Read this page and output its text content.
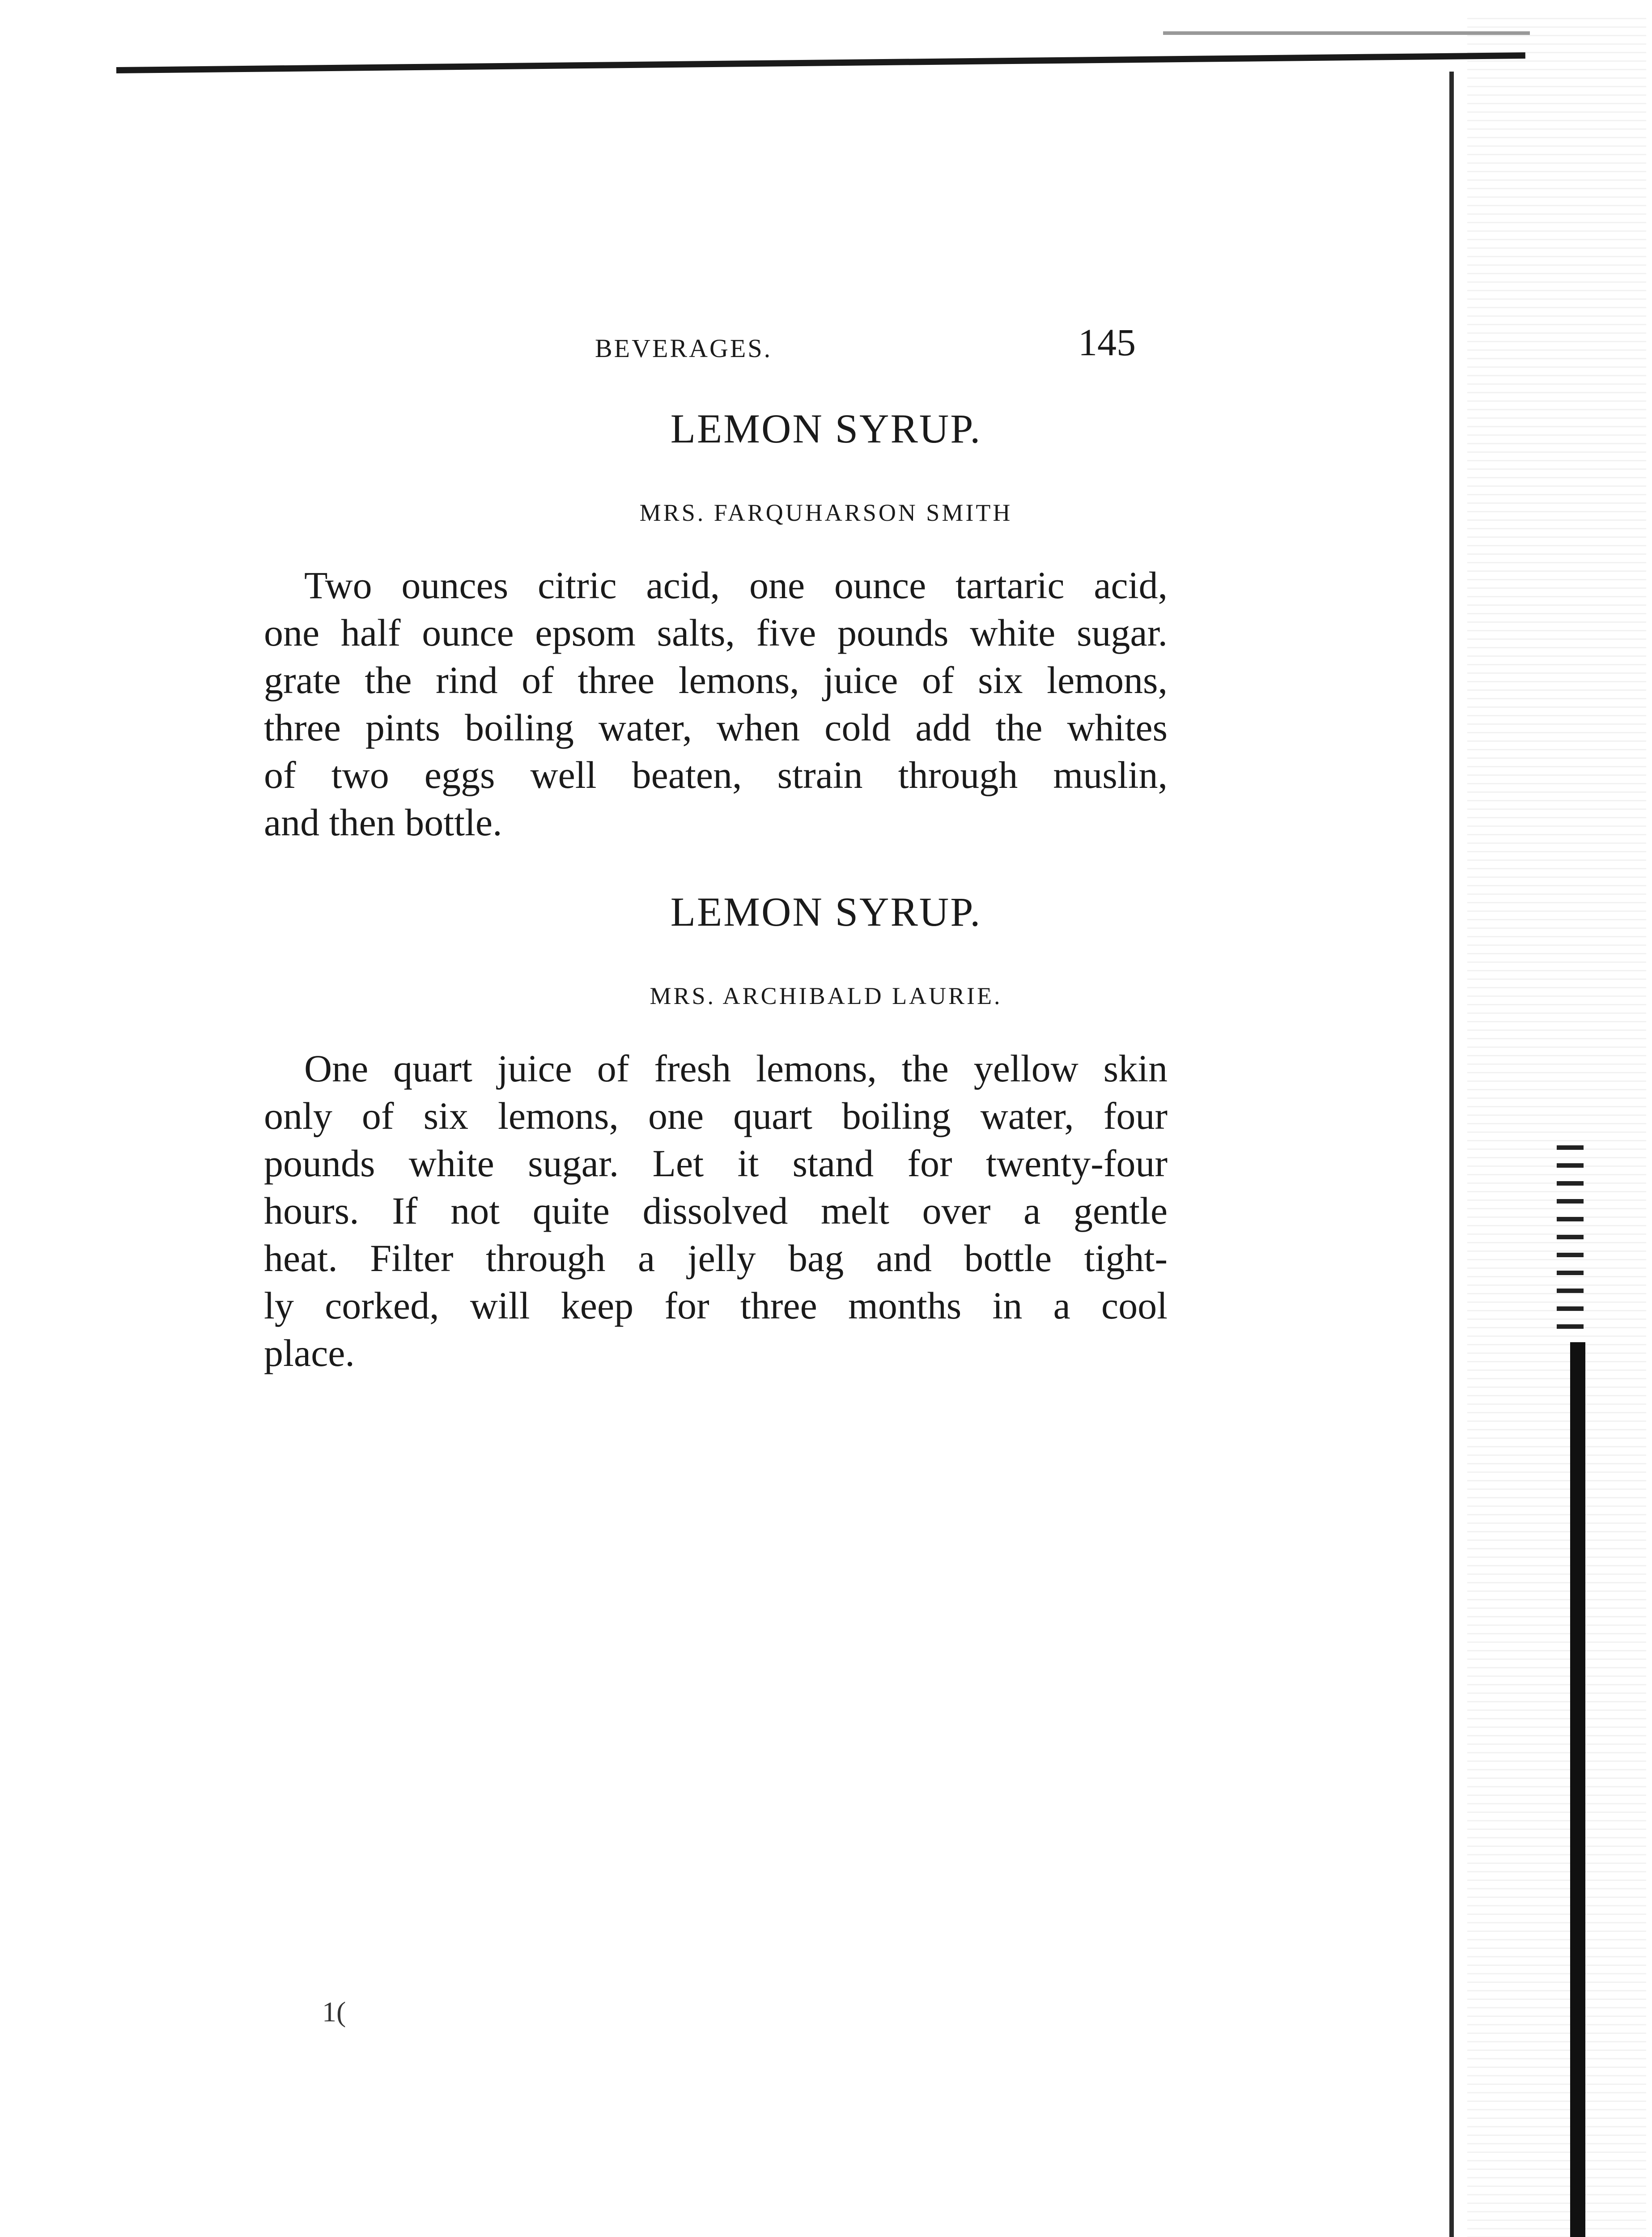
BEVERAGES.	145
LEMON SYRUP.
MRS. FARQUHARSON SMITH
Two ounces citric acid, one ounce tartaric acid,
one half ounce epsom salts, five pounds white sugar.
grate the rind of three lemons, juice of six lemons,
three pints boiling water, when cold add the whites
of two eggs well beaten, strain through muslin,
and then bottle.
LEMON SYRUP.
MRS. ARCHIBALD LAURIE.
One quart juice of fresh lemons, the yellow skin
only of six lemons, one quart boiling water, four
pounds white sugar. Let it stand for twenty-four
hours. If not quite dissolved melt over a gentle
heat. Filter through a jelly bag and bottle tight-
ly corked, will keep for three months in a cool
place.
1(
